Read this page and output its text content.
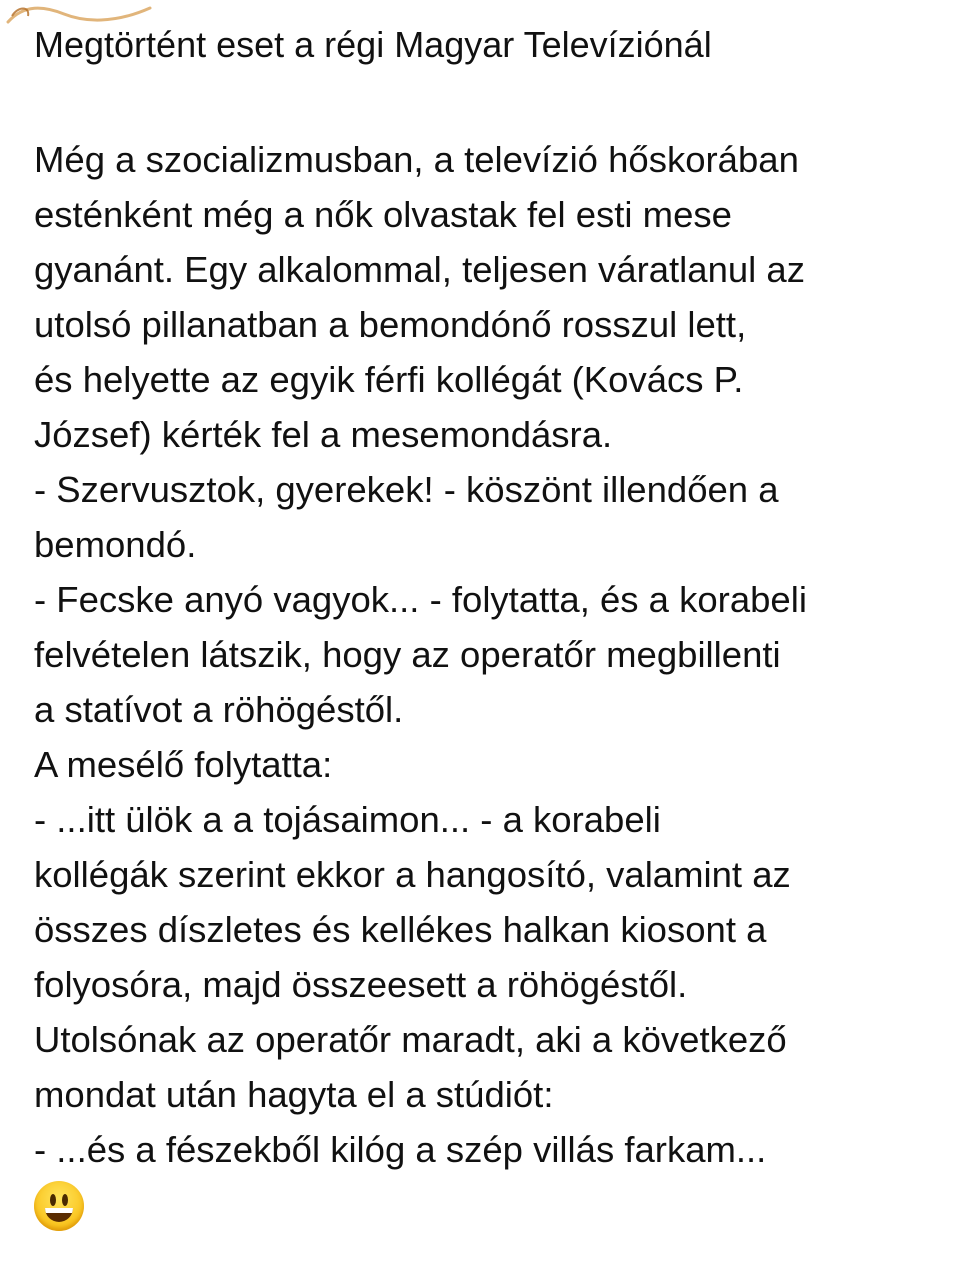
Megtörtént eset a régi Magyar Televíziónál
Még a szocializmusban, a televízió hőskorában
esténként még a nők olvastak fel esti mese
gyanánt. Egy alkalommal, teljesen váratlanul az
utolsó pillanatban a bemondónő rosszul lett,
és helyette az egyik férfi kollégát (Kovács P.
József) kérték fel a mesemondásra.
- Szervusztok, gyerekek! - köszönt illendően a
bemondó.
- Fecske anyó vagyok... - folytatta, és a korabeli
felvételen látszik, hogy az operatőr megbillenti
a statívot a röhögéstől.
A mesélő folytatta:
- ...itt ülök a a tojásaimon... - a korabeli
kollégák szerint ekkor a hangosító, valamint az
összes díszletes és kellékes halkan kiosont a
folyosóra, majd összeesett a röhögéstől.
Utolsónak az operatőr maradt, aki a következő
mondat után hagyta el a stúdiót:
- ...és a fészekből kilóg a szép villás farkam...
